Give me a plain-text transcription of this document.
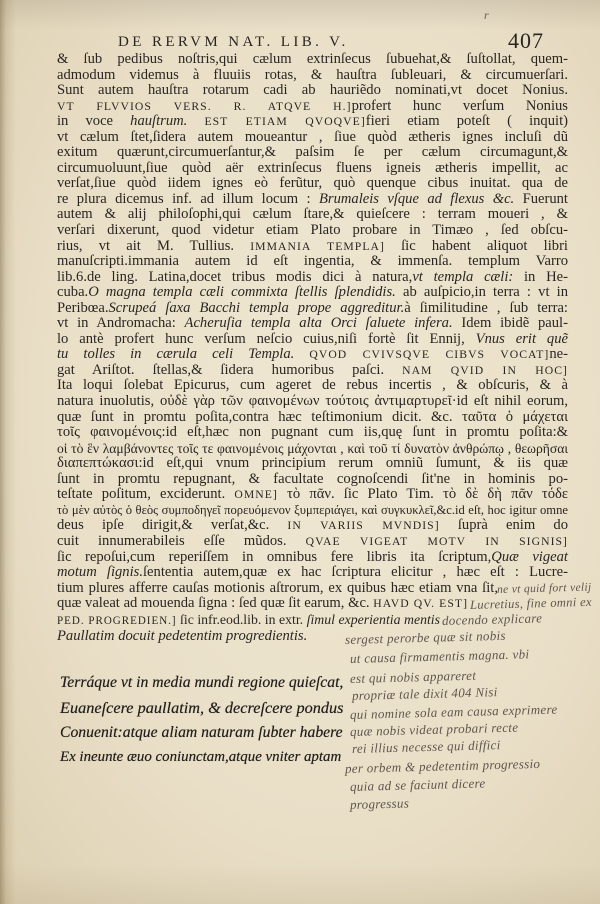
r
DE RERVM NAT. LIB. V.	407
& ſub pedibus noſtris,qui cælum extrinſecus ſubuehat,& ſuſtollat, quem-
admodum videmus à fluuiis rotas, & hauſtra ſubleuari, & circumuerſari.
Sunt autem hauſtra rotarum cadi ab hauriẽdo nominati,vt docet Nonius.
VT FLVVIOS VERS. R. ATQVE H.]profert hunc verſum Nonius
in voce hauſtrum. EST ETIAM QVOQVE]fieri etiam poteſt ( inquit)
vt cælum ſtet,ſidera autem moueantur , ſiue quòd ætheris ignes incluſi dũ
exitum quærunt,circumuerſantur,& paſsim ſe per cælum circumagunt,&
circumuoluunt,ſiue quòd aër extrinſecus fluens igneis ætheris impellit, ac
verſat,ſiue quòd iidem ignes eò ferũtur, quò quenque cibus inuitat. qua de
re plura dicemus inf. ad illum locum : Brumaleis vſque ad flexus &c. Fuerunt
autem & alij philoſophi,qui cælum ſtare,& quieſcere : terram moueri , &
verſari dixerunt, quod videtur etiam Plato probare in Timæo , ſed obſcu-
rius, vt ait M. Tullius. IMMANIA TEMPLA] ſic habent aliquot libri
manuſcripti.immania autem id eſt ingentia, & immenſa. templum Varro
lib.6.de ling. Latina,docet tribus modis dici à natura,vt templa cæli: in He-
cuba.O magna templa cæli commixta ſtellis ſplendidis. ab auſpicio,in terra : vt in
Peribœa.Scrupeá ſaxa Bacchi templa prope aggreditur.à ſimilitudine , ſub terra:
vt in Andromacha: Acheruſia templa alta Orci ſaluete infera. Idem ibidẽ paul-
lo antè profert hunc verſum neſcio cuius,niſi fortè ſit Ennij, Vnus erit quẽ
tu tolles in cærula celi Templa. QVOD CVIVSQVE CIBVS VOCAT]ne-
gat Ariſtot. ſtellas,& ſidera humoribus paſci. NAM QVID IN HOC]
Ita loqui ſolebat Epicurus, cum ageret de rebus incertis , & obſcuris, & à
natura inuolutis, οὐδὲ γὰρ τῶν φαινομένων τούτοις ἀντιμαρτυρεῖ·id eſt nihil eorum,
quæ ſunt in promtu poſita,contra hæc teſtimonium dicit. &c. ταῦτα ὁ μάχεται
τοῖς φαινομένοις:id eſt,hæc non pugnant cum iis,quę ſunt in promtu poſita:&
οἱ τὸ ἓν λαμβάνοντες τοῖς τε φαινομένοις μάχονται , καὶ τοῦ τί δυνατὸν ἀνθρώπῳ , θεωρῆσαι
διαπεπτώκασι:id eſt,qui vnum principium rerum omniũ ſumunt, & iis quæ
ſunt in promtu repugnant, & facultate cognoſcendi ſit'ne in hominis po-
teſtate poſitum, exciderunt. OMNE] τὸ πᾶν. ſic Plato Tim. τὸ δὲ δὴ πᾶν τόδε
τὸ μὲν αὐτὸς ὁ θεὸς συμποδηγεῖ πορευόμενον ξυμπεριάγει, καὶ συγκυκλεῖ,&c.id eſt, hoc igitur omne
deus ipſe dirigit,& verſat,&c. IN VARIIS MVNDIS] ſuprà enim do
cuit innumerabileis eſſe mũdos. QVAE VIGEAT MOTV IN SIGNIS]
ſic repoſui,cum reperiſſem in omnibus fere libris ita ſcriptum,Quæ vigeat
motum ſignis.ſententia autem,quæ ex hac ſcriptura elicitur , hæc eſt : Lucre-
tium plures afferre cauſas motionis aſtrorum, ex quibus hæc etiam vna ſit,
quæ valeat ad mouenda ſigna : ſed quæ ſit earum, &c. HAVD QV. EST]
PED. PROGREDIEN.] ſic infr.eod.lib. in extr. ſimul experientia mentis
Paullatim docuit pedetentim progredientis.
Terráque vt in media mundi regione quieſcat,
Euaneſcere paullatim, & decreſcere pondus
Conuenit:atque aliam naturam ſubter habere
Ex ineunte æuo coniunctam,atque vniter aptam
ne vt quid fort velij
Lucretius, fine omni ex
docendo explicare
sergest perorbe quæ sit nobis
ut causa firmamentis magna. vbi
est qui nobis appareret
propriæ tale dixit 404 Nisi
qui nomine sola eam causa exprimere
quæ nobis videat probari recte
rei illius necesse qui diffici
per orbem & pedetentim progressio
quia ad se faciunt dicere
progressus
